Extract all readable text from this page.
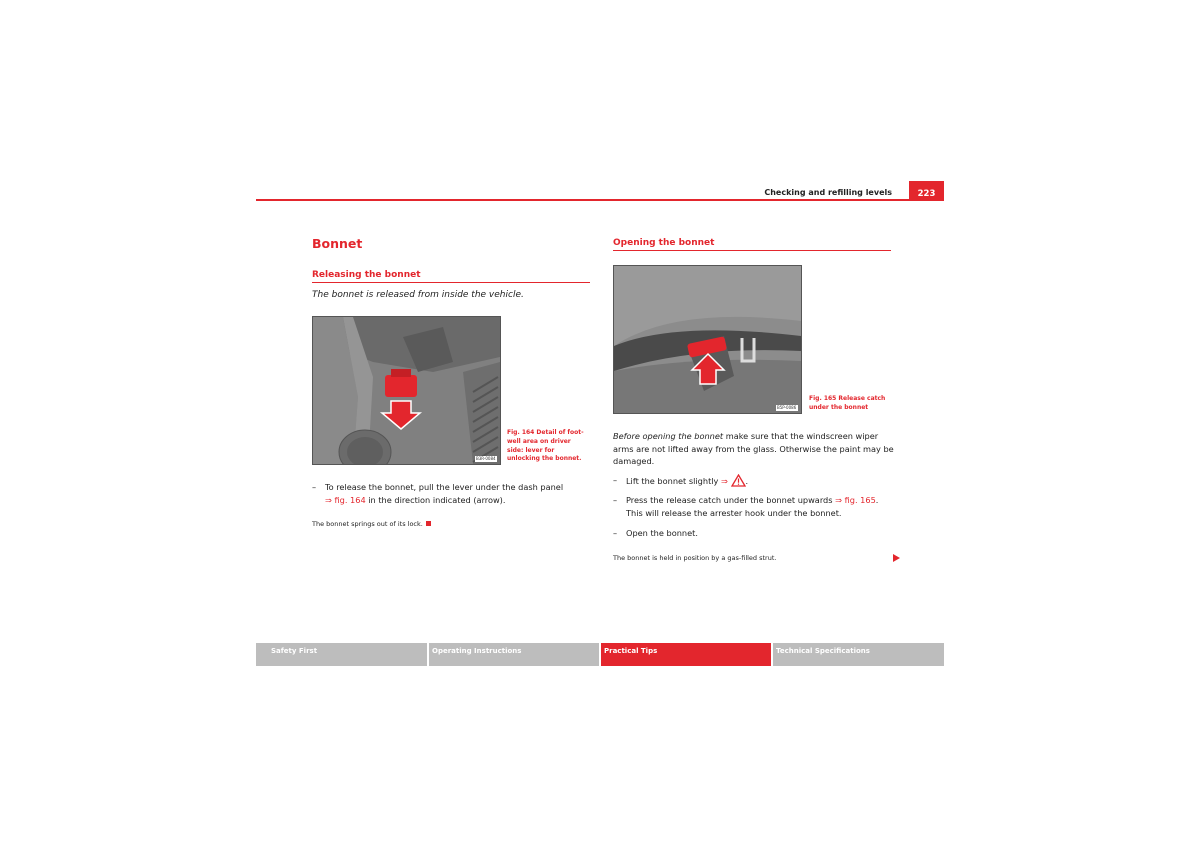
Checking and refilling levels	223
Bonnet
Releasing the bonnet
The bonnet is released from inside the vehicle.
B3R-0084
Fig. 164 Detail of foot-well area on driver side: lever for unlocking the bonnet.
–	To release the bonnet, pull the lever under the dash panel
⇒ fig. 164 in the direction indicated (arrow).
The bonnet springs out of its lock.
Opening the bonnet
B5P-0086
Fig. 165 Release catch under the bonnet
Before opening the bonnet make sure that the windscreen wiper arms are not lifted away from the glass. Otherwise the paint may be damaged.
–	Lift the bonnet slightly ⇒ .
–	Press the release catch under the bonnet upwards ⇒ fig. 165.
This will release the arrester hook under the bonnet.
–	Open the bonnet.
The bonnet is held in position by a gas-filled strut.
Safety First	Operating Instructions	Practical Tips	Technical Specifications
